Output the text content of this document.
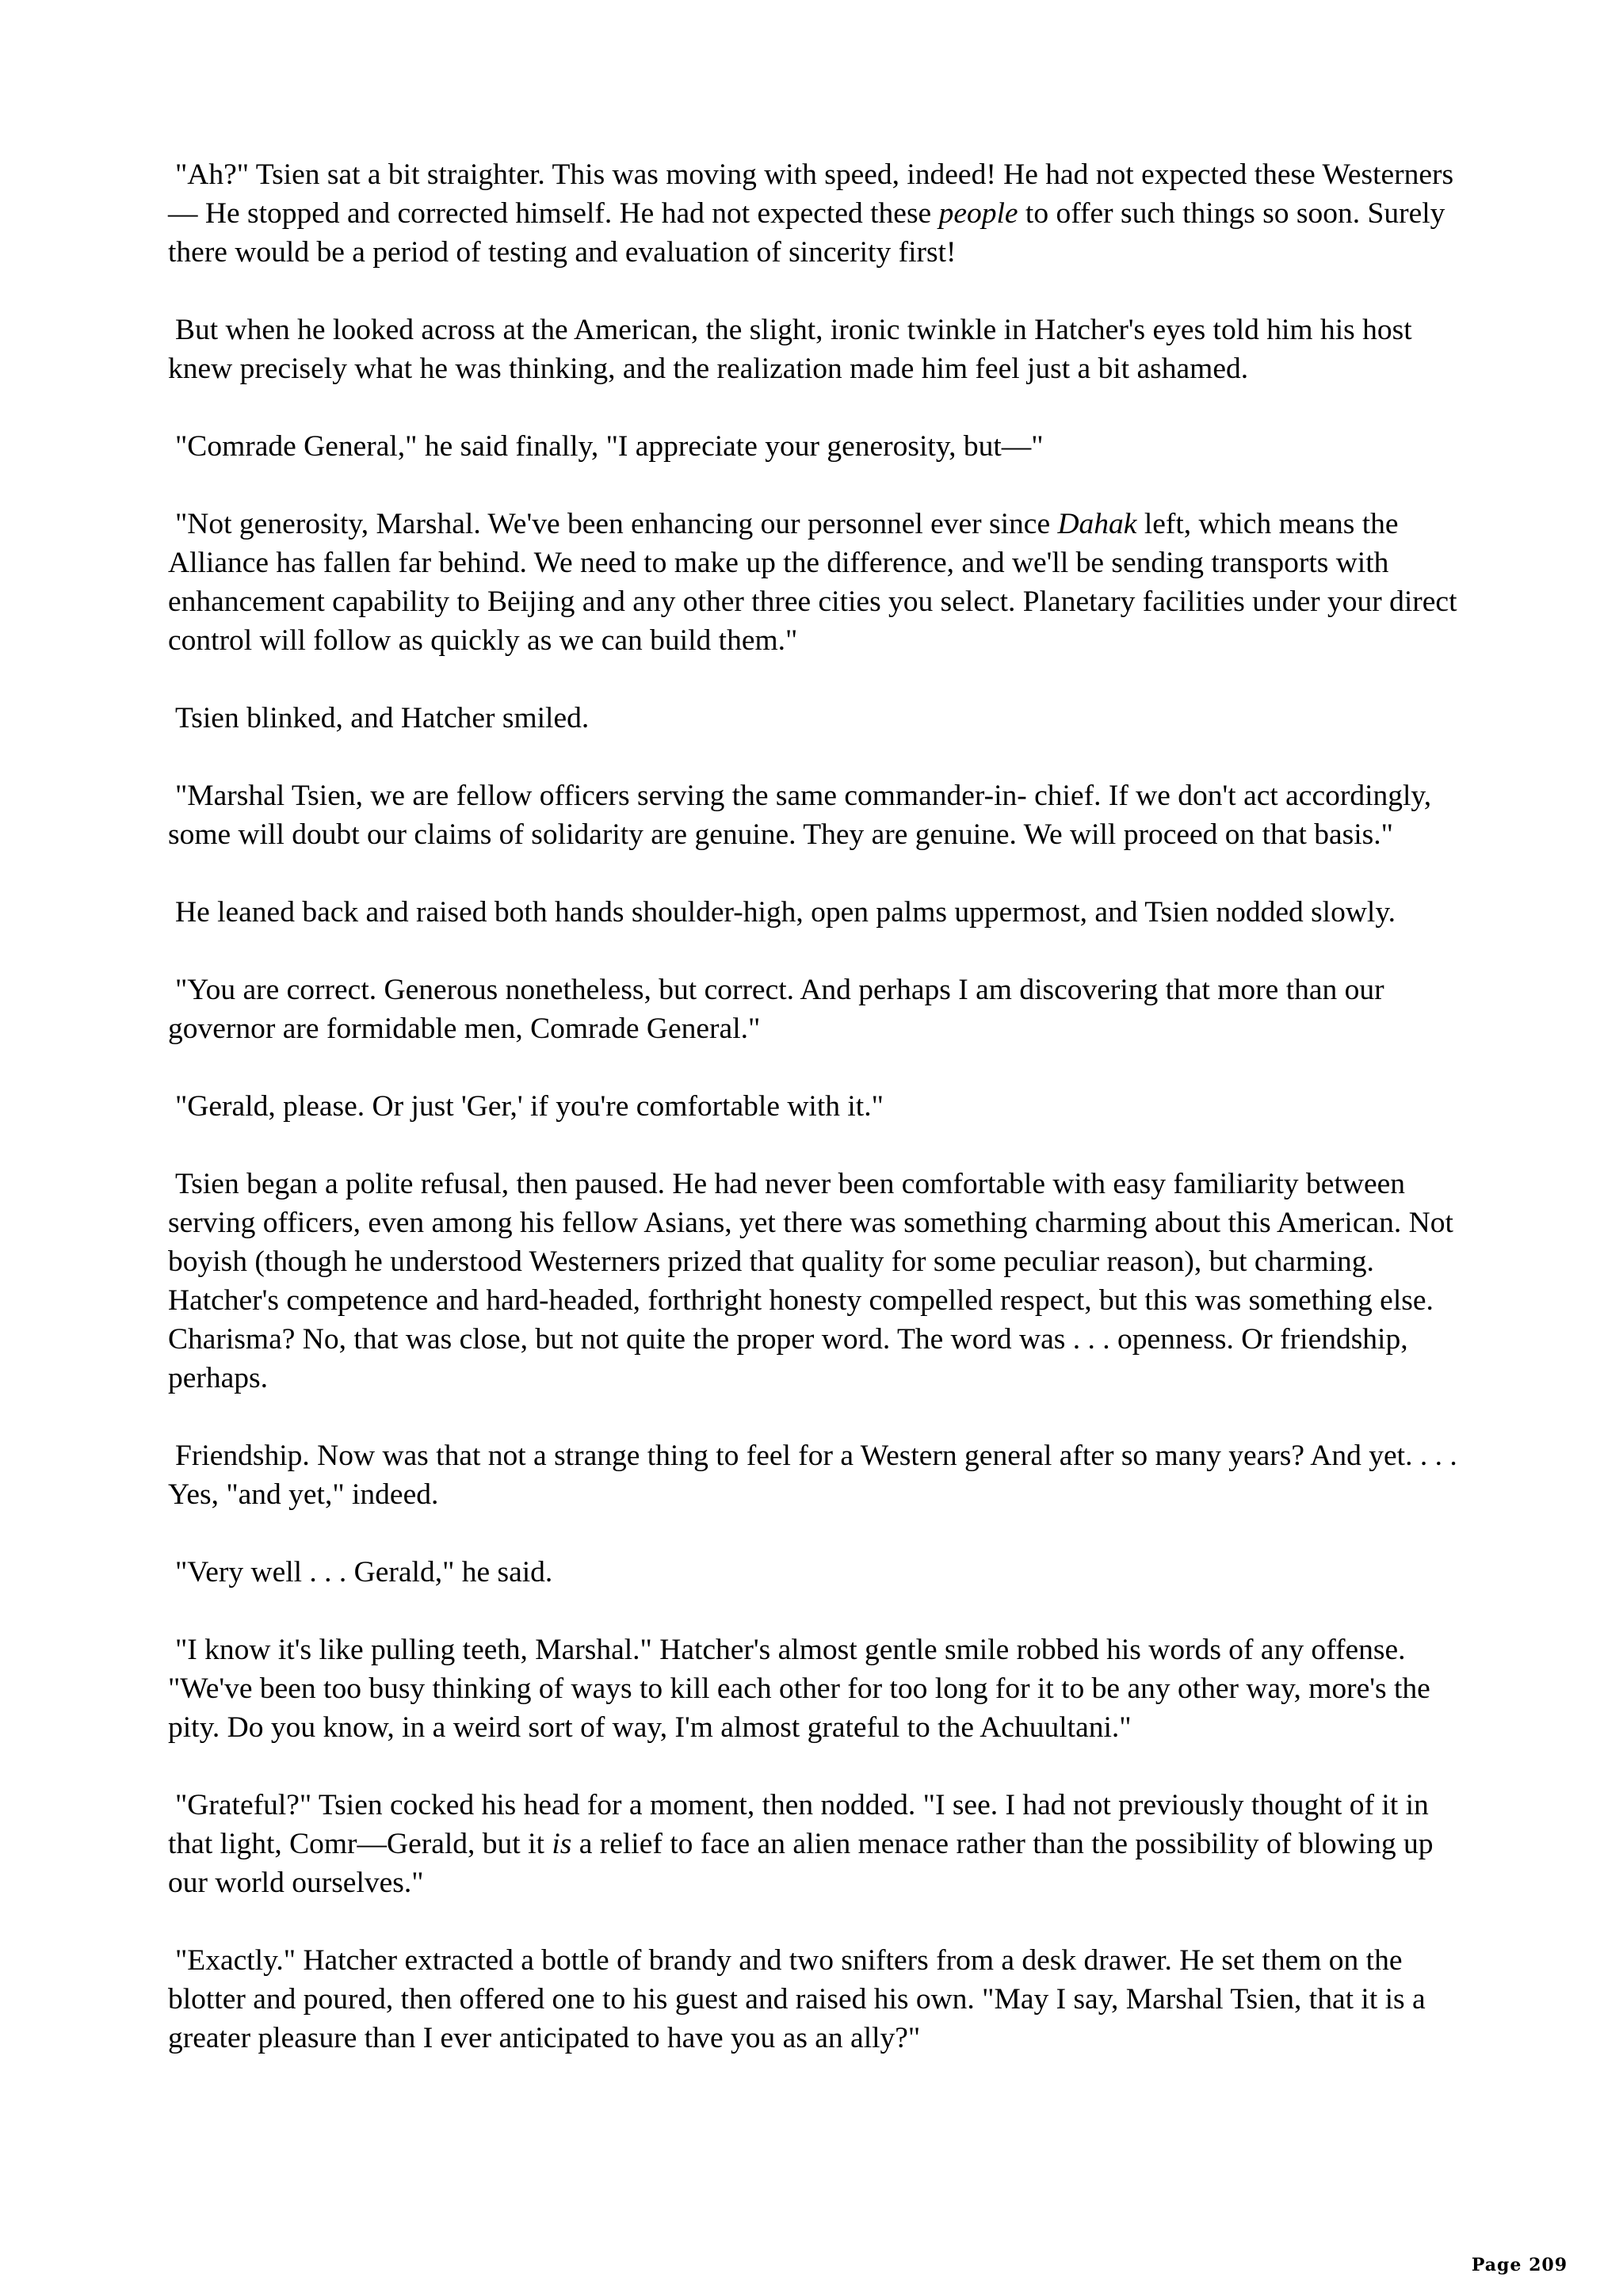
"Ah?" Tsien sat a bit straighter. This was moving with speed, indeed! He had not expected these Westerners— He stopped and corrected himself. He had not expected these people to offer such things so soon. Surely there would be a period of testing and evaluation of sincerity first!

But when he looked across at the American, the slight, ironic twinkle in Hatcher's eyes told him his host knew precisely what he was thinking, and the realization made him feel just a bit ashamed.

"Comrade General," he said finally, "I appreciate your generosity, but—"

"Not generosity, Marshal. We've been enhancing our personnel ever since Dahak left, which means the Alliance has fallen far behind. We need to make up the difference, and we'll be sending transports with enhancement capability to Beijing and any other three cities you select. Planetary facilities under your direct control will follow as quickly as we can build them."

Tsien blinked, and Hatcher smiled.

"Marshal Tsien, we are fellow officers serving the same commander-in- chief. If we don't act accordingly, some will doubt our claims of solidarity are genuine. They are genuine. We will proceed on that basis."

He leaned back and raised both hands shoulder-high, open palms uppermost, and Tsien nodded slowly.

"You are correct. Generous nonetheless, but correct. And perhaps I am discovering that more than our governor are formidable men, Comrade General."

"Gerald, please. Or just 'Ger,' if you're comfortable with it."

Tsien began a polite refusal, then paused. He had never been comfortable with easy familiarity between serving officers, even among his fellow Asians, yet there was something charming about this American. Not boyish (though he understood Westerners prized that quality for some peculiar reason), but charming. Hatcher's competence and hard-headed, forthright honesty compelled respect, but this was something else. Charisma? No, that was close, but not quite the proper word. The word was . . . openness. Or friendship, perhaps.

Friendship. Now was that not a strange thing to feel for a Western general after so many years? And yet. . . . Yes, "and yet," indeed.

"Very well . . . Gerald," he said.

"I know it's like pulling teeth, Marshal." Hatcher's almost gentle smile robbed his words of any offense. "We've been too busy thinking of ways to kill each other for too long for it to be any other way, more's the pity. Do you know, in a weird sort of way, I'm almost grateful to the Achuultani."

"Grateful?" Tsien cocked his head for a moment, then nodded. "I see. I had not previously thought of it in that light, Comr—Gerald, but it is a relief to face an alien menace rather than the possibility of blowing up our world ourselves."

"Exactly." Hatcher extracted a bottle of brandy and two snifters from a desk drawer. He set them on the blotter and poured, then offered one to his guest and raised his own. "May I say, Marshal Tsien, that it is a greater pleasure than I ever anticipated to have you as an ally?"

Page 209
